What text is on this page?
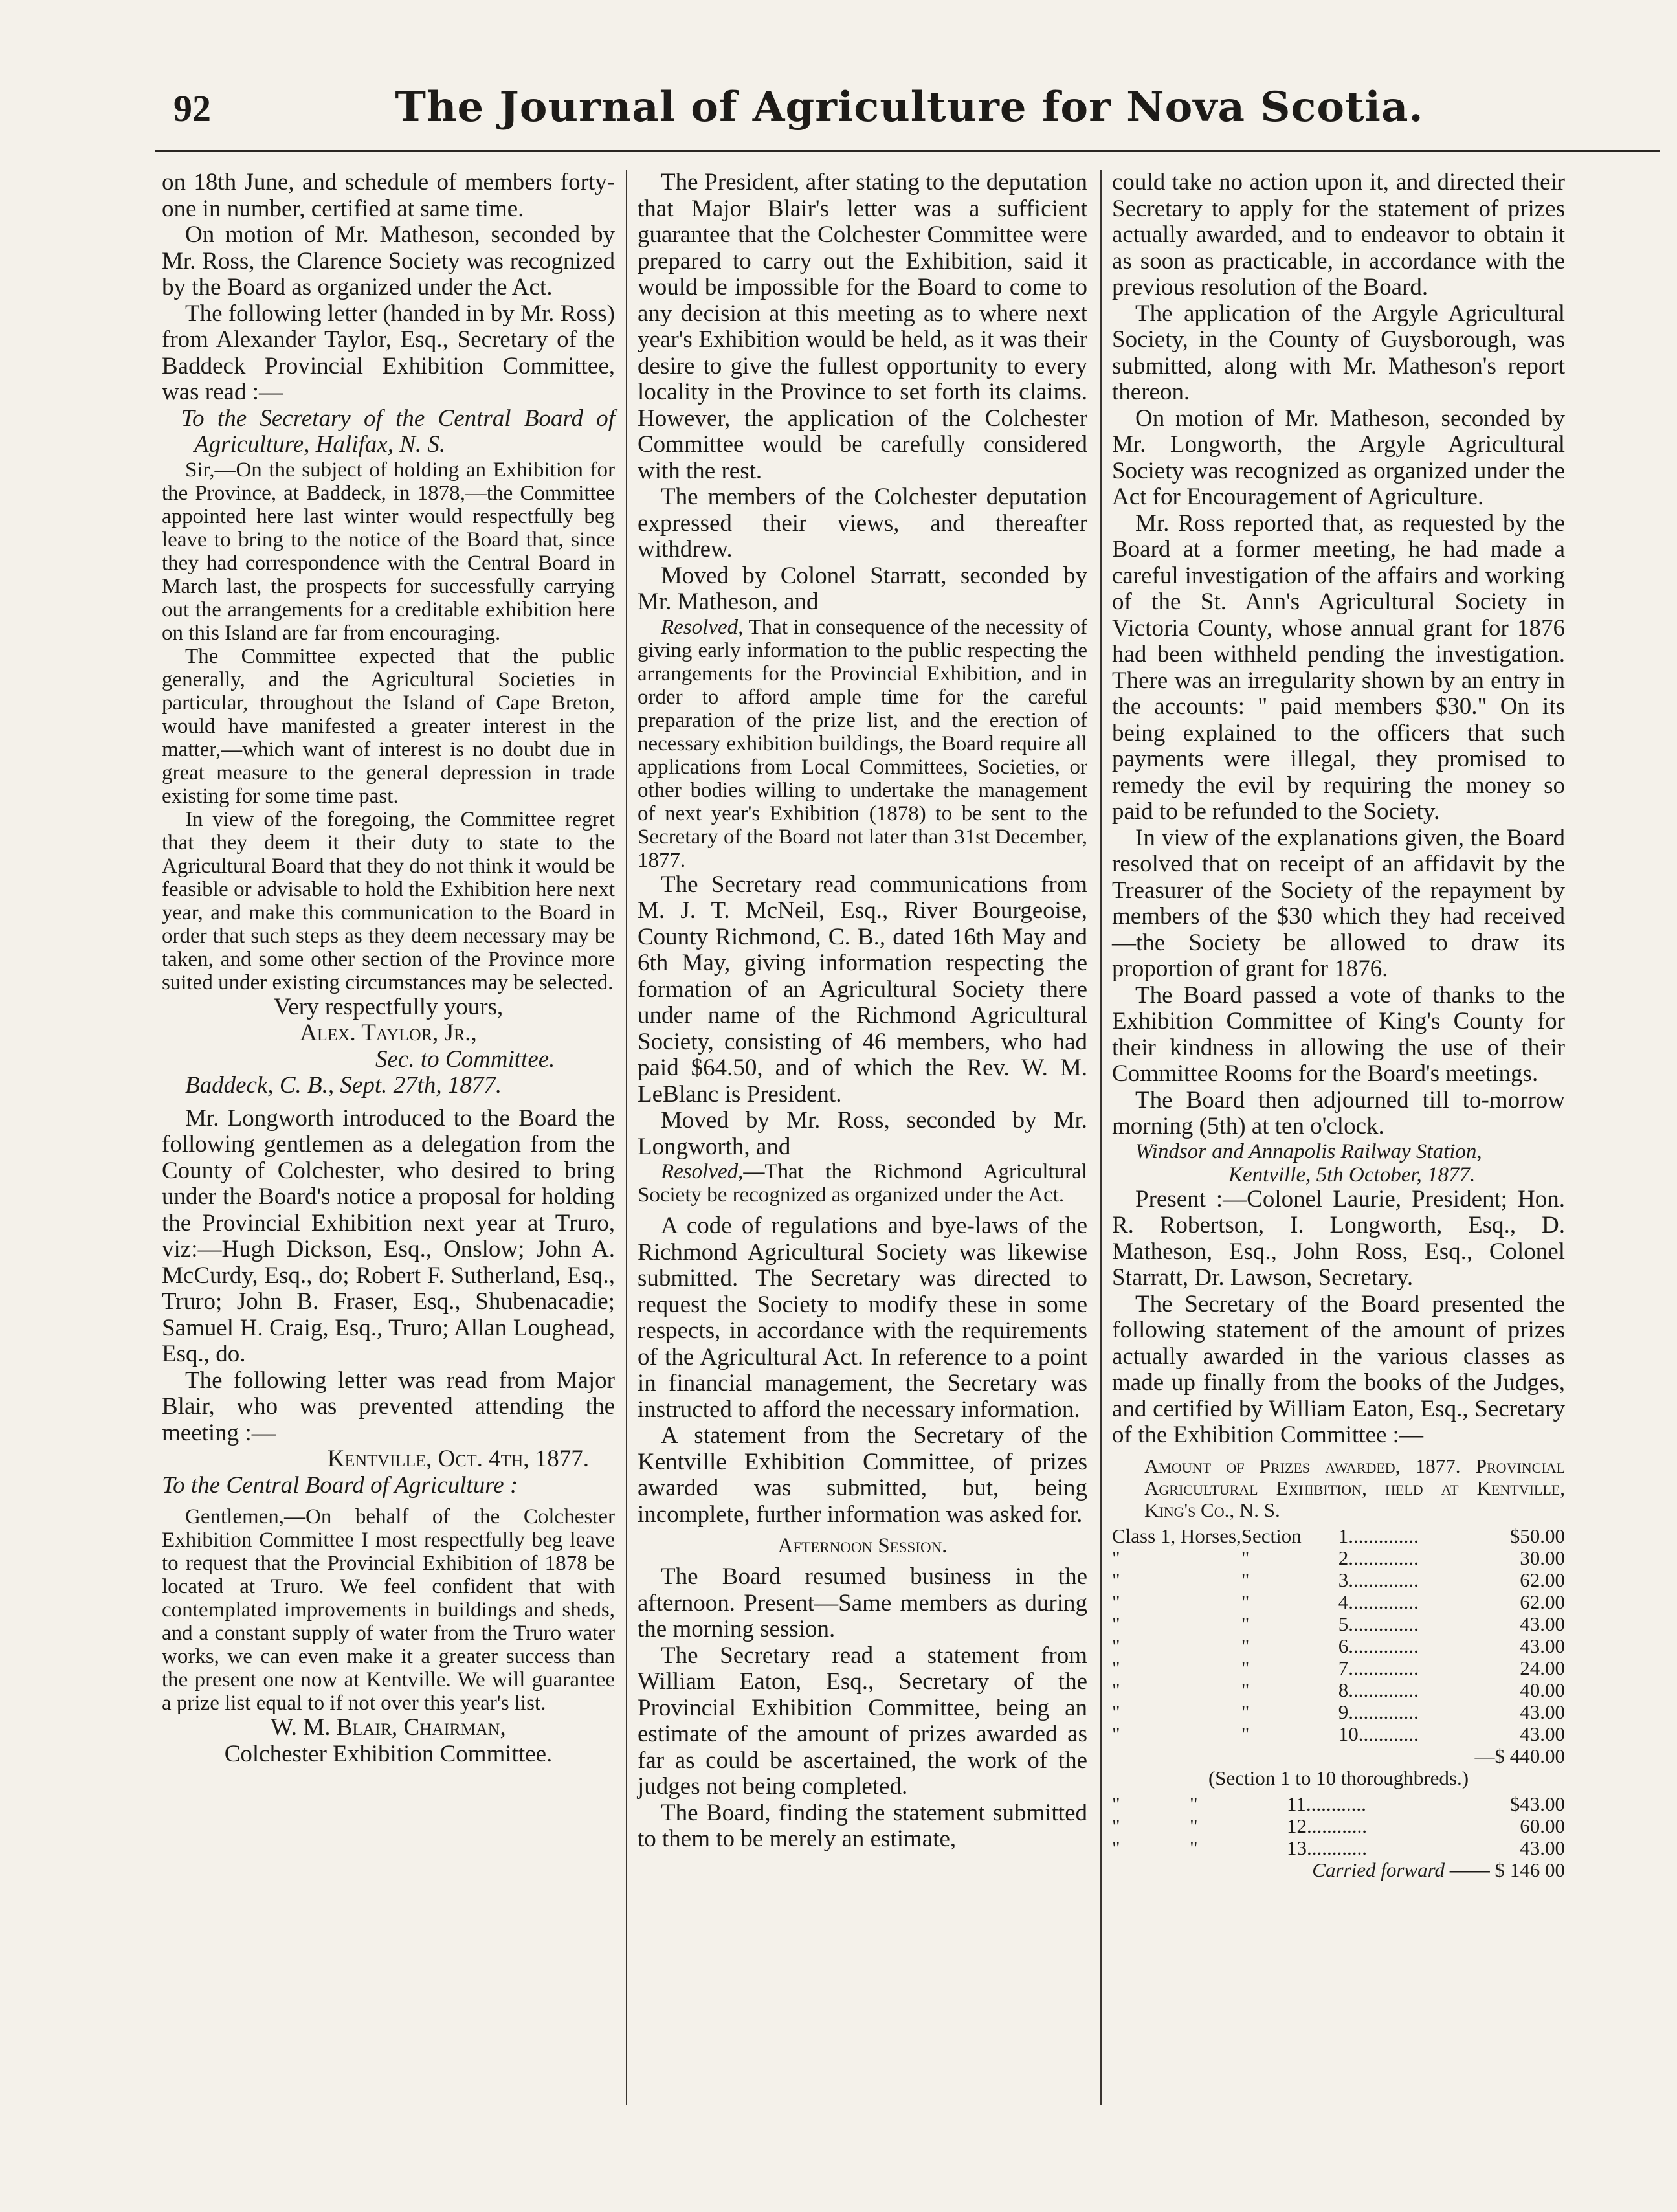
92	The Journal of Agriculture for Nova Scotia.

on 18th June, and schedule of members forty-one in number, certified at same time.

On motion of Mr. Matheson, seconded by Mr. Ross, the Clarence Society was recognized by the Board as organized under the Act.

The following letter (handed in by Mr. Ross) from Alexander Taylor, Esq., Secretary of the Baddeck Provincial Exhibition Committee, was read :—

To the Secretary of the Central Board of Agriculture, Halifax, N. S.

Sir,—On the subject of holding an Exhibition for the Province, at Baddeck, in 1878,—the Committee appointed here last winter would respectfully beg leave to bring to the notice of the Board that, since they had correspondence with the Central Board in March last, the prospects for successfully carrying out the arrangements for a creditable exhibition here on this Island are far from encouraging.

The Committee expected that the public generally, and the Agricultural Societies in particular, throughout the Island of Cape Breton, would have manifested a greater interest in the matter,—which want of interest is no doubt due in great measure to the general depression in trade existing for some time past.

In view of the foregoing, the Committee regret that they deem it their duty to state to the Agricultural Board that they do not think it would be feasible or advisable to hold the Exhibition here next year, and make this communication to the Board in order that such steps as they deem necessary may be taken, and some other section of the Province more suited under existing circumstances may be selected.

Very respectfully yours,

Alex. Taylor, Jr.,

Sec. to Committee.

Baddeck, C. B., Sept. 27th, 1877.

Mr. Longworth introduced to the Board the following gentlemen as a delegation from the County of Colchester, who desired to bring under the Board's notice a proposal for holding the Provincial Exhibition next year at Truro, viz:—Hugh Dickson, Esq., Onslow; John A. McCurdy, Esq., do; Robert F. Sutherland, Esq., Truro; John B. Fraser, Esq., Shubenacadie; Samuel H. Craig, Esq., Truro; Allan Loughead, Esq., do.

The following letter was read from Major Blair, who was prevented attending the meeting :—

Kentville, Oct. 4th, 1877.

To the Central Board of Agriculture :

Gentlemen,—On behalf of the Colchester Exhibition Committee I most respectfully beg leave to request that the Provincial Exhibition of 1878 be located at Truro. We feel confident that with contemplated improvements in buildings and sheds, and a constant supply of water from the Truro water works, we can even make it a greater success than the present one now at Kentville. We will guarantee a prize list equal to if not over this year's list.

W. M. Blair, Chairman,

Colchester Exhibition Committee.

The President, after stating to the deputation that Major Blair's letter was a sufficient guarantee that the Colchester Committee were prepared to carry out the Exhibition, said it would be impossible for the Board to come to any decision at this meeting as to where next year's Exhibition would be held, as it was their desire to give the fullest opportunity to every locality in the Province to set forth its claims. However, the application of the Colchester Committee would be carefully considered with the rest.

The members of the Colchester deputation expressed their views, and thereafter withdrew.

Moved by Colonel Starratt, seconded by Mr. Matheson, and

Resolved, That in consequence of the necessity of giving early information to the public respecting the arrangements for the Provincial Exhibition, and in order to afford ample time for the careful preparation of the prize list, and the erection of necessary exhibition buildings, the Board require all applications from Local Committees, Societies, or other bodies willing to undertake the management of next year's Exhibition (1878) to be sent to the Secretary of the Board not later than 31st December, 1877.

The Secretary read communications from M. J. T. McNeil, Esq., River Bourgeoise, County Richmond, C. B., dated 16th May and 6th May, giving information respecting the formation of an Agricultural Society there under name of the Richmond Agricultural Society, consisting of 46 members, who had paid $64.50, and of which the Rev. W. M. LeBlanc is President.

Moved by Mr. Ross, seconded by Mr. Longworth, and

Resolved,—That the Richmond Agricultural Society be recognized as organized under the Act.

A code of regulations and bye-laws of the Richmond Agricultural Society was likewise submitted. The Secretary was directed to request the Society to modify these in some respects, in accordance with the requirements of the Agricultural Act. In reference to a point in financial management, the Secretary was instructed to afford the necessary information.

A statement from the Secretary of the Kentville Exhibition Committee, of prizes awarded was submitted, but, being incomplete, further information was asked for.

Afternoon Session.

The Board resumed business in the afternoon. Present—Same members as during the morning session.

The Secretary read a statement from William Eaton, Esq., Secretary of the Provincial Exhibition Committee, being an estimate of the amount of prizes awarded as far as could be ascertained, the work of the judges not being completed.

The Board, finding the statement submitted to them to be merely an estimate,

could take no action upon it, and directed their Secretary to apply for the statement of prizes actually awarded, and to endeavor to obtain it as soon as practicable, in accordance with the previous resolution of the Board.

The application of the Argyle Agricultural Society, in the County of Guysborough, was submitted, along with Mr. Matheson's report thereon.

On motion of Mr. Matheson, seconded by Mr. Longworth, the Argyle Agricultural Society was recognized as organized under the Act for Encouragement of Agriculture.

Mr. Ross reported that, as requested by the Board at a former meeting, he had made a careful investigation of the affairs and working of the St. Ann's Agricultural Society in Victoria County, whose annual grant for 1876 had been withheld pending the investigation. There was an irregularity shown by an entry in the accounts: " paid members $30." On its being explained to the officers that such payments were illegal, they promised to remedy the evil by requiring the money so paid to be refunded to the Society.

In view of the explanations given, the Board resolved that on receipt of an affidavit by the Treasurer of the Society of the repayment by members of the $30 which they had received—the Society be allowed to draw its proportion of grant for 1876.

The Board passed a vote of thanks to the Exhibition Committee of King's County for their kindness in allowing the use of their Committee Rooms for the Board's meetings.

The Board then adjourned till to-morrow morning (5th) at ten o'clock.

Windsor and Annapolis Railway Station,

Kentville, 5th October, 1877.

Present :—Colonel Laurie, President; Hon. R. Robertson, I. Longworth, Esq., D. Matheson, Esq., John Ross, Esq., Colonel Starratt, Dr. Lawson, Secretary.

The Secretary of the Board presented the following statement of the amount of prizes actually awarded in the various classes as made up finally from the books of the Judges, and certified by William Eaton, Esq., Secretary of the Exhibition Committee :—

Amount of Prizes awarded, 1877. Provincial Agricultural Exhibition, held at Kentville, King's Co., N. S.

Class 1, Horses,	Section	1..............	$50.00
"	"	2..............	30.00
"	"	3..............	62.00
"	"	4..............	62.00
"	"	5..............	43.00
"	"	6..............	43.00
"	"	7..............	24.00
"	"	8..............	40.00
"	"	9..............	43.00
"	"	10............	43.00

—$ 440.00

(Section 1 to 10 thoroughbreds.)

"	"	11............	$43.00
"	"	12............	60.00
"	"	13............	43.00

Carried forward —— $ 146 00
